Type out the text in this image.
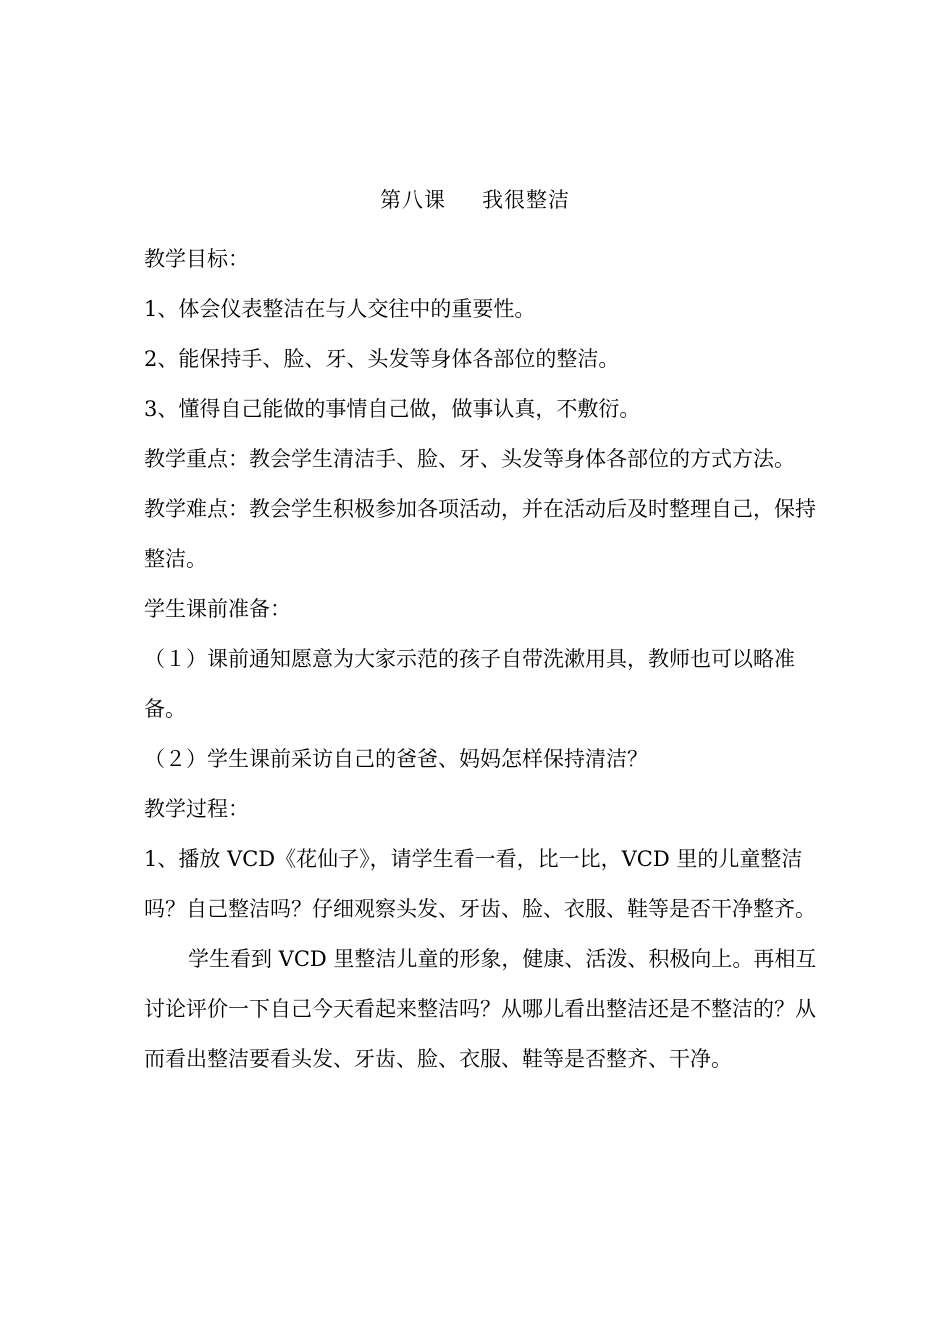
第八课 我很整洁

教学目标：

1、体会仪表整洁在与人交往中的重要性。

2、能保持手、脸、牙、头发等身体各部位的整洁。

3、懂得自己能做的事情自己做，做事认真，不敷衍。

教学重点：教会学生清洁手、脸、牙、头发等身体各部位的方式方法。

教学难点：教会学生积极参加各项活动，并在活动后及时整理自己，保持整洁。

学生课前准备：

（１）课前通知愿意为大家示范的孩子自带洗漱用具，教师也可以略准备。

（２）学生课前采访自己的爸爸、妈妈怎样保持清洁？

教学过程：

1、播放 VCD《花仙子》，请学生看一看，比一比，VCD 里的儿童整洁吗？自己整洁吗？仔细观察头发、牙齿、脸、衣服、鞋等是否干净整齐。

学生看到 VCD 里整洁儿童的形象，健康、活泼、积极向上。再相互讨论评价一下自己今天看起来整洁吗？从哪儿看出整洁还是不整洁的？从而看出整洁要看头发、牙齿、脸、衣服、鞋等是否整齐、干净。
